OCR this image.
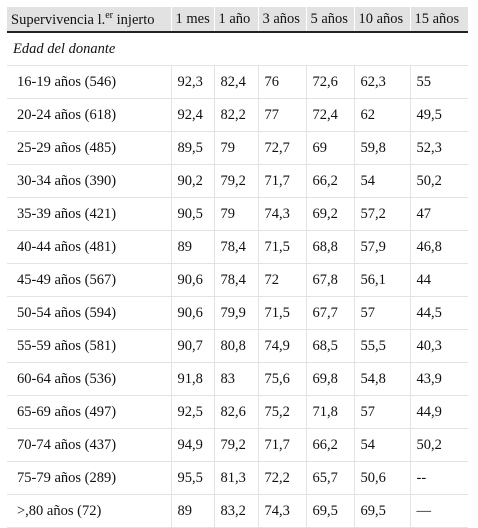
Supervivencia l.$^{er}$ injerto	1 mes	1 año	3 años	5 años	10 años	15 años
Edad del donante						
16-19 años (546)	92,3	82,4	76	72,6	62,3	55
20-24 años (618)	92,4	82,2	77	72,4	62	49,5
25-29 años (485)	89,5	79	72,7	69	59,8	52,3
30-34 años (390)	90,2	79,2	71,7	66,2	54	50,2
35-39 años (421)	90,5	79	74,3	69,2	57,2	47
40-44 años (481)	89	78,4	71,5	68,8	57,9	46,8
45-49 años (567)	90,6	78,4	72	67,8	56,1	44
50-54 años (594)	90,6	79,9	71,5	67,7	57	44,5
55-59 años (581)	90,7	80,8	74,9	68,5	55,5	40,3
60-64 años (536)	91,8	83	75,6	69,8	54,8	43,9
65-69 años (497)	92,5	82,6	75,2	71,8	57	44,9
70-74 años (437)	94,9	79,2	71,7	66,2	54	50,2
75-79 años (289)	95,5	81,3	72,2	65,7	50,6	--
>,80 años (72)	89	83,2	74,3	69,5	69,5	—
